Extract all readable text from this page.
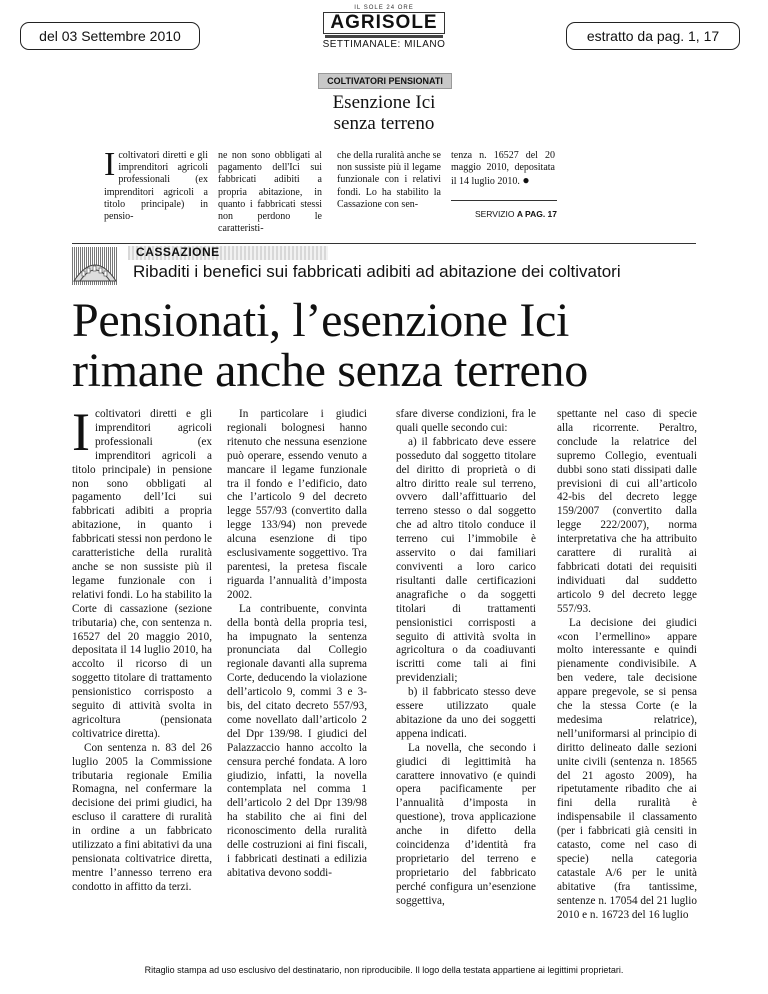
del 03 Settembre 2010	estratto da pag. 1, 17
IL SOLE 24 ORE
AGRISOLE
SETTIMANALE: MILANO
COLTIVATORI PENSIONATI
Esenzione Ici senza terreno
I coltivatori diretti e gli imprenditori agricoli professionali (ex imprenditori agricoli a titolo principale) in pensio-

ne non sono obbligati al pagamento dell'Ici sui fabbricati adibiti a propria abitazione, in quanto i fabbricati stessi non perdono le caratteristi-

che della ruralità anche se non sussiste più il legame funzionale con i relativi fondi. Lo ha stabilito la Cassazione con sen-

tenza n. 16527 del 20 maggio 2010, depositata il 14 luglio 2010. ●

SERVIZIO A PAG. 17
CASSAZIONE
Ribaditi i benefici sui fabbricati adibiti ad abitazione dei coltivatori
Pensionati, l’esenzione Ici rimane anche senza terreno
I coltivatori diretti e gli imprenditori agricoli professionali (ex imprenditori agricoli a titolo principale) in pensione non sono obbligati al pagamento dell’Ici sui fabbricati adibiti a propria abitazione, in quanto i fabbricati stessi non perdono le caratteristiche della ruralità anche se non sussiste più il legame funzionale con i relativi fondi. Lo ha stabilito la Corte di cassazione (sezione tributaria) che, con sentenza n. 16527 del 20 maggio 2010, depositata il 14 luglio 2010, ha accolto il ricorso di un soggetto titolare di trattamento pensionistico corrisposto a seguito di attività svolta in agricoltura (pensionata coltivatrice diretta).

Con sentenza n. 83 del 26 luglio 2005 la Commissione tributaria regionale Emilia Romagna, nel confermare la decisione dei primi giudici, ha escluso il carattere di ruralità in ordine a un fabbricato utilizzato a fini abitativi da una pensionata coltivatrice diretta, mentre l’annesso terreno era condotto in affitto da terzi.

In particolare i giudici regionali bolognesi hanno ritenuto che nessuna esenzione può operare, essendo venuto a mancare il legame funzionale tra il fondo e l’edificio, dato che l’articolo 9 del decreto legge 557/93 (convertito dalla legge 133/94) non prevede alcuna esenzione di tipo esclusivamente soggettivo. Tra parentesi, la pretesa fiscale riguarda l’annualità d’imposta 2002.

La contribuente, convinta della bontà della propria tesi, ha impugnato la sentenza pronunciata dal Collegio regionale davanti alla suprema Corte, deducendo la violazione dell’articolo 9, commi 3 e 3-bis, del citato decreto 557/93, come novellato dall’articolo 2 del Dpr 139/98. I giudici del Palazzaccio hanno accolto la censura perché fondata. A loro giudizio, infatti, la novella contemplata nel comma 1 dell’articolo 2 del Dpr 139/98 ha stabilito che ai fini del riconoscimento della ruralità delle costruzioni ai fini fiscali, i fabbricati destinati a edilizia abitativa devono soddi-

sfare diverse condizioni, fra le quali quelle secondo cui:

a) il fabbricato deve essere posseduto dal soggetto titolare del diritto di proprietà o di altro diritto reale sul terreno, ovvero dall’affittuario del terreno stesso o dal soggetto che ad altro titolo conduce il terreno cui l’immobile è asservito o dai familiari conviventi a loro carico risultanti dalle certificazioni anagrafiche o da soggetti titolari di trattamenti pensionistici corrisposti a seguito di attività svolta in agricoltura o da coadiuvanti iscritti come tali ai fini previdenziali;

b) il fabbricato stesso deve essere utilizzato quale abitazione da uno dei soggetti appena indicati.

La novella, che secondo i giudici di legittimità ha carattere innovativo (e quindi opera pacificamente per l’annualità d’imposta in questione), trova applicazione anche in difetto della coincidenza d’identità fra proprietario del terreno e proprietario del fabbricato perché configura un’esenzione soggettiva,

spettante nel caso di specie alla ricorrente. Peraltro, conclude la relatrice del supremo Collegio, eventuali dubbi sono stati dissipati dalle previsioni di cui all’articolo 42-bis del decreto legge 159/2007 (convertito dalla legge 222/2007), norma interpretativa che ha attribuito carattere di ruralità ai fabbricati dotati dei requisiti individuati dal suddetto articolo 9 del decreto legge 557/93.

La decisione dei giudici «con l’ermellino» appare molto interessante e quindi pienamente condivisibile. A ben vedere, tale decisione appare pregevole, se si pensa che la stessa Corte (e la medesima relatrice), nell’uniformarsi al principio di diritto delineato dalle sezioni unite civili (sentenza n. 18565 del 21 agosto 2009), ha ripetutamente ribadito che ai fini della ruralità è indispensabile il classamento (per i fabbricati già censiti in catasto, come nel caso di specie) nella categoria catastale A/6 per le unità abitative (fra tantissime, sentenze n. 17054 del 21 luglio 2010 e n. 16723 del 16 luglio

Ritaglio stampa ad uso esclusivo del destinatario, non riproducibile. Il logo della testata appartiene ai legittimi proprietari.
